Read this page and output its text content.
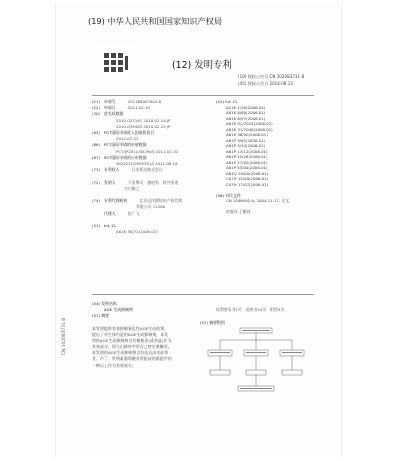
(19) 中华人民共和国国家知识产权局
(12) 发明专利
(10) 授权公告号 CN 102083731 B
(45) 授权公告日 2014.08.13
(21)	申请号	201180007602.6
(22)	申请日	2011.02.10
(30)	优先权数据
2010-027161 2010.02.10 JP
2010-039483 2010.02.25 JP
(85)	PCT国际申请进入国家阶段日
2012.07.31
(86)	PCT国际申请的申请数据
PCT/JP2011/052905 2011.02.10
(87)	PCT国际申请的公布数据
WO2011/099539 JA 2011.08.18
(73)	专利权人	日本曹达株式会社

(72)	发明人	下田博司　越道秀　柯井豪道
吉川雅之

(74)	专利代理机构	北京迈洋德知识产权代理
有限公司 11280
代理人	张广飞

(51)	Int. Cl.
A61K 36/72(2006.01)
(51) Int. Cl.
A21K 1/30(2006.01)
A61K 8/60(2006.01)
A61K 8/97(2006.01)
A61K 31/7024(2006.01)
A61K 31/7048(2006.01)
A61K 36/00(2006.01)
A61P 3/02(2006.01)
A61P 3/10(2006.01)
A61P 13/12(2006.01)
A61P 25/28(2006.01)
A61P 27/02(2006.01)
A61P 43/00(2006.01)
A61Q 19/00(2006.01)
C07H 15/00(2006.01)
C07H 17/07(2006.01)

(56) 对比文件
CN 1546492 A, 2004.11.17, 全文.

审查员 王顺良
(54) 发明名称
AGE 生成抑制剂
(57) 摘要
权利要求书1页　说明书10页　附图3页
本发明提供有效抑制氧化性AGE生成的剂，提出了对生体内是的AGE生成抑制剂，本发明的AGE生成抑制剂含有楷梳苷(或其盐)作为有效成分，即大山楂叶中所含之特定黄酮苷。本发明的AGE生成抑制剂含有选自由木犀草苷、芦丁、牡荆素葡萄糖苷所组成的群组中的一种以上作为有效成分。
(57) 摘要附图
CN 102083731 B
